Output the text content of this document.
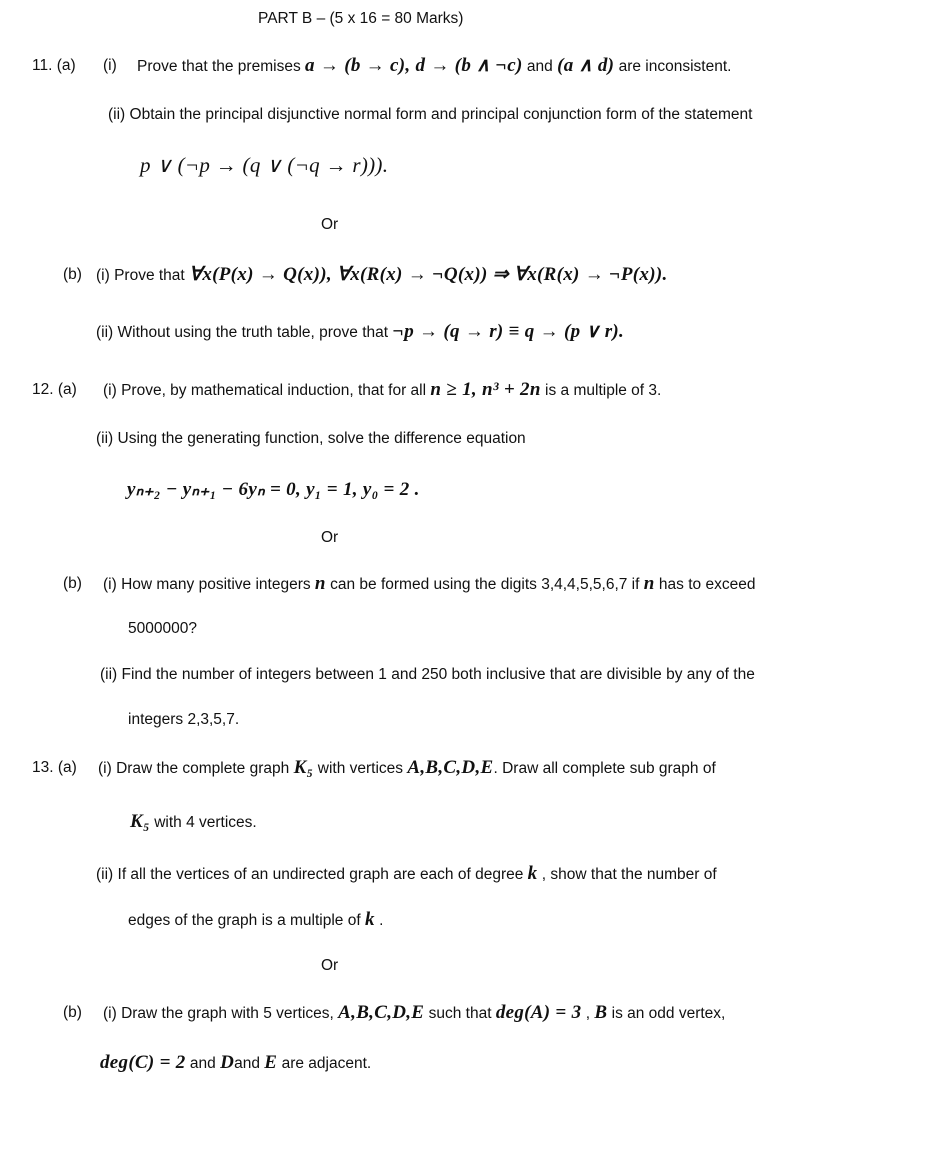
PART B – (5 x 16 = 80 Marks)
11. (a) (i) Prove that the premises a → (b → c), d → (b ∧ ¬c) and (a ∧ d) are inconsistent.
(ii) Obtain the principal disjunctive normal form and principal conjunction form of the statement
p ∨ (¬p → (q ∨ (¬q → r))).
Or
(b) (i) Prove that ∀x(P(x) → Q(x)), ∀x(R(x) → ¬Q(x)) ⇒ ∀x(R(x) → ¬P(x)).
(ii) Without using the truth table, prove that ¬p → (q → r) ≡ q → (p ∨ r).
12. (a) (i) Prove, by mathematical induction, that for all n ≥ 1, n³ + 2n is a multiple of 3.
(ii) Using the generating function, solve the difference equation
yₙ₊₂ − yₙ₊₁ − 6yₙ = 0, y₁ = 1, y₀ = 2 .
Or
(b) (i) How many positive integers n can be formed using the digits 3,4,4,5,5,6,7 if n has to exceed
5000000?
(ii) Find the number of integers between 1 and 250 both inclusive that are divisible by any of the
integers 2,3,5,7.
13. (a) (i) Draw the complete graph K₅ with vertices A,B,C,D,E. Draw all complete sub graph of
K₅ with 4 vertices.
(ii) If all the vertices of an undirected graph are each of degree k , show that the number of
edges of the graph is a multiple of k .
Or
(b) (i) Draw the graph with 5 vertices, A,B,C,D,E such that deg(A) = 3 , B is an odd vertex,
deg(C) = 2 and Dand E are adjacent.
